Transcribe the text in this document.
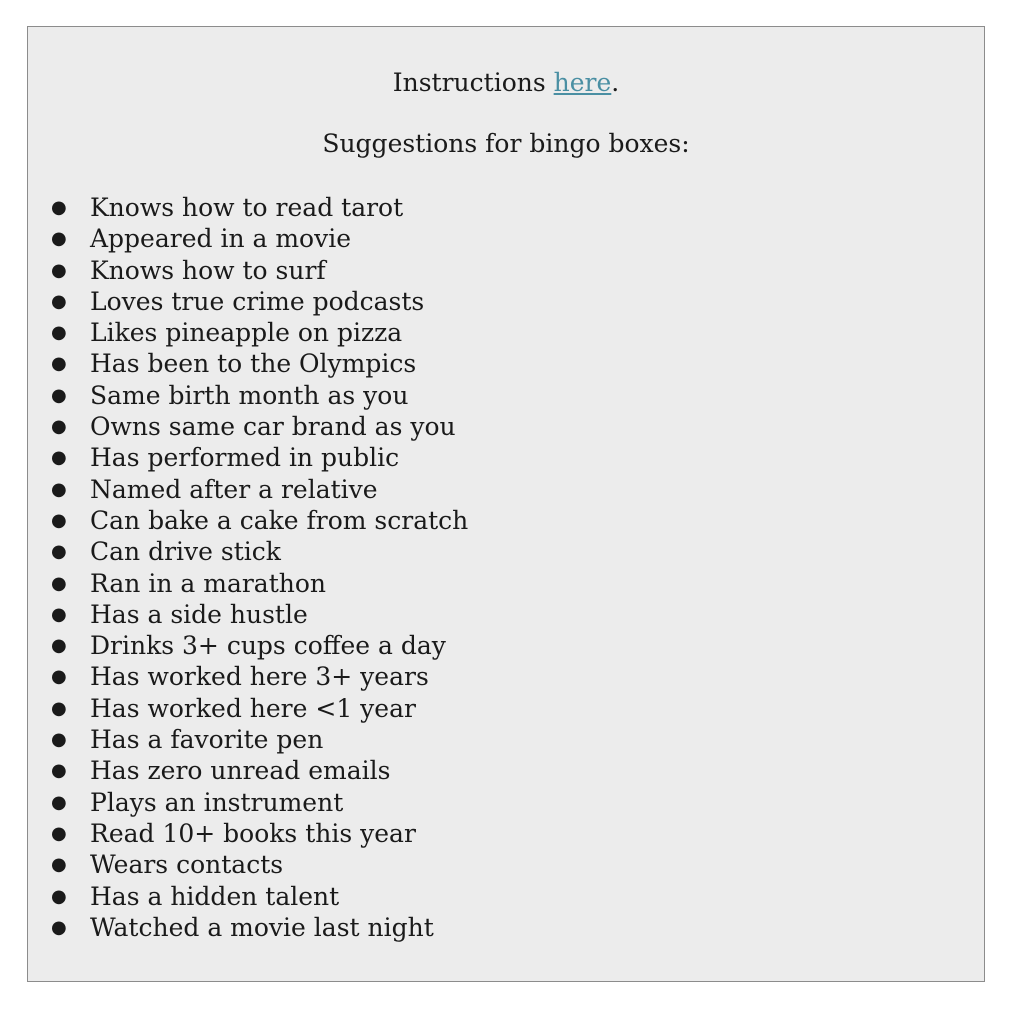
Instructions here.
Suggestions for bingo boxes:
● Knows how to read tarot
● Appeared in a movie
● Knows how to surf
● Loves true crime podcasts
● Likes pineapple on pizza
● Has been to the Olympics
● Same birth month as you
● Owns same car brand as you
● Has performed in public
● Named after a relative
● Can bake a cake from scratch
● Can drive stick
● Ran in a marathon
● Has a side hustle
● Drinks 3+ cups coffee a day
● Has worked here 3+ years
● Has worked here <1 year
● Has a favorite pen
● Has zero unread emails
● Plays an instrument
● Read 10+ books this year
● Wears contacts
● Has a hidden talent
● Watched a movie last night
